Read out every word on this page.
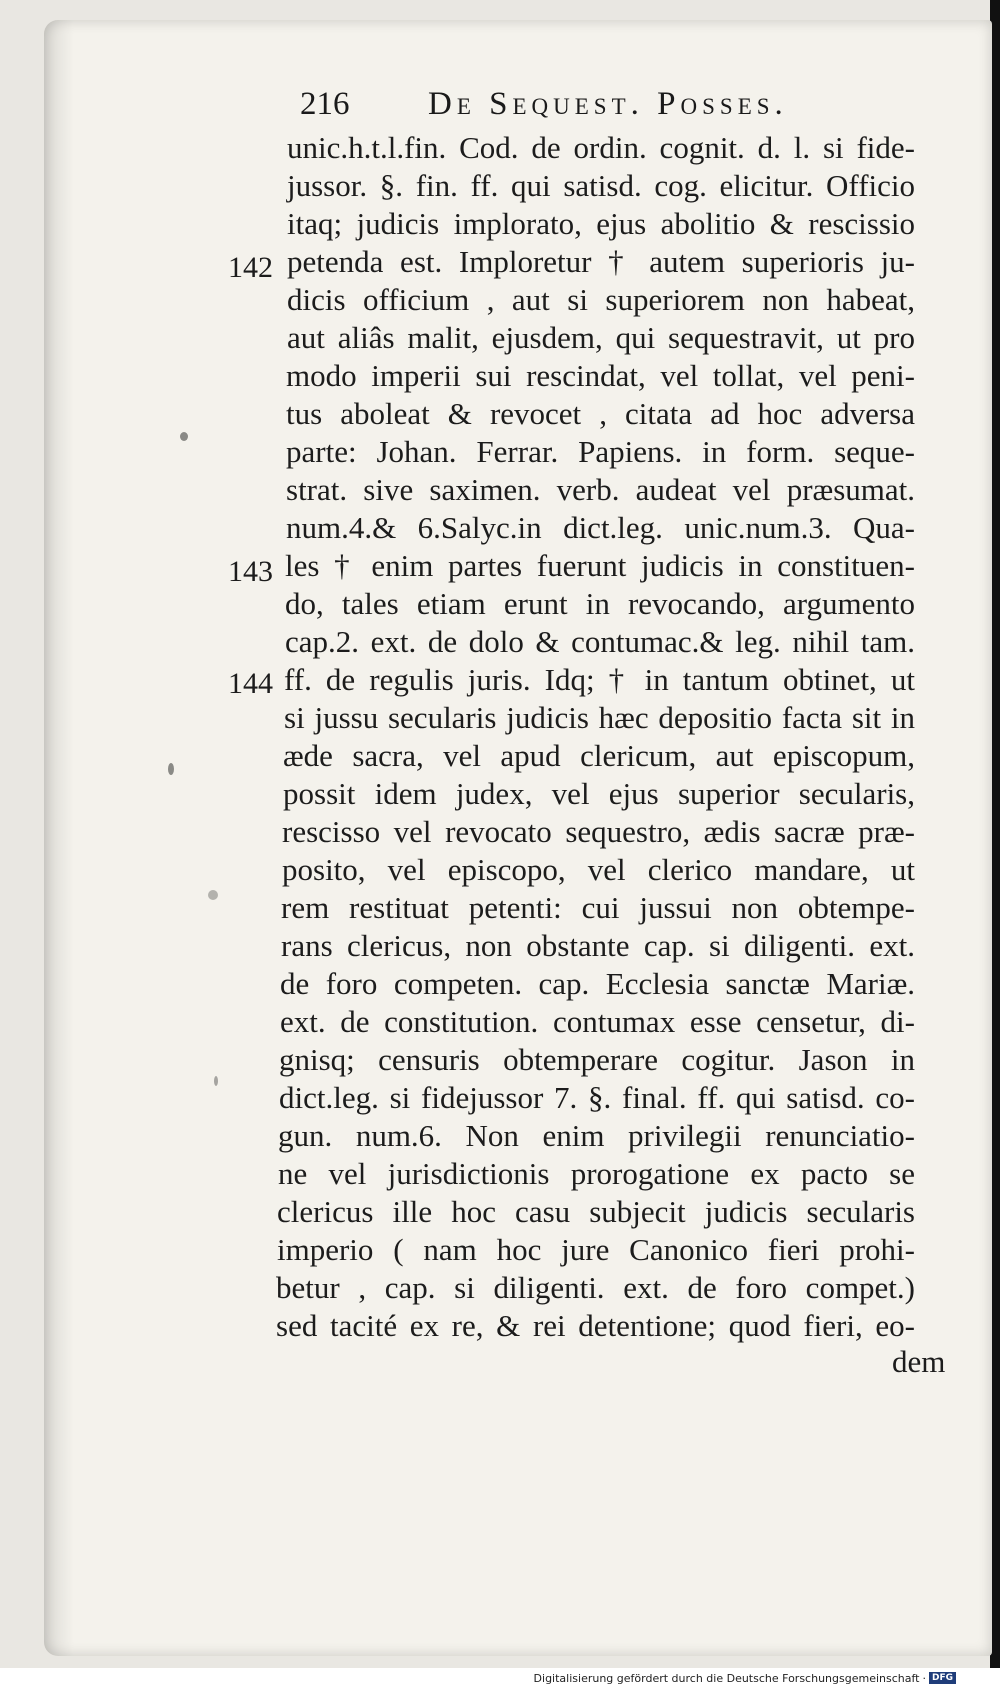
216 De Sequest. Posses.
unic.h.t.l.fin. Cod. de ordin. cognit. d. l. si fide-
jussor. §. fin. ff. qui satisd. cog. elicitur. Officio
itaq; judicis implorato, ejus abolitio & rescissio
petenda est. Imploretur † autem superioris ju-
dicis officium , aut si superiorem non habeat,
aut aliâs malit, ejusdem, qui sequestravit, ut pro
modo imperii sui rescindat, vel tollat, vel peni-
tus aboleat & revocet , citata ad hoc adversa
parte: Johan. Ferrar. Papiens. in form. seque-
strat. sive saximen. verb. audeat vel præsumat.
num.4.& 6.Salyc.in dict.leg. unic.num.3. Qua-
les † enim partes fuerunt judicis in constituen-
do, tales etiam erunt in revocando, argumento
cap.2. ext. de dolo & contumac.& leg. nihil tam.
ff. de regulis juris. Idq; † in tantum obtinet, ut
si jussu secularis judicis hæc depositio facta sit in
æde sacra, vel apud clericum, aut episcopum,
possit idem judex, vel ejus superior secularis,
rescisso vel revocato sequestro, ædis sacræ præ-
posito, vel episcopo, vel clerico mandare, ut
rem restituat petenti: cui jussui non obtempe-
rans clericus, non obstante cap. si diligenti. ext.
de foro competen. cap. Ecclesia sanctæ Mariæ.
ext. de constitution. contumax esse censetur, di-
gnisq; censuris obtemperare cogitur. Jason in
dict.leg. si fidejussor 7. §. final. ff. qui satisd. co-
gun. num.6. Non enim privilegii renunciatio-
ne vel jurisdictionis prorogatione ex pacto se
clericus ille hoc casu subjecit judicis secularis
imperio ( nam hoc jure Canonico fieri prohi-
betur , cap. si diligenti. ext. de foro compet.)
sed tacité ex re, & rei detentione; quod fieri, eo-
dem
142
143
144
Digitalisierung gefördert durch die Deutsche Forschungsgemeinschaft · DFG
